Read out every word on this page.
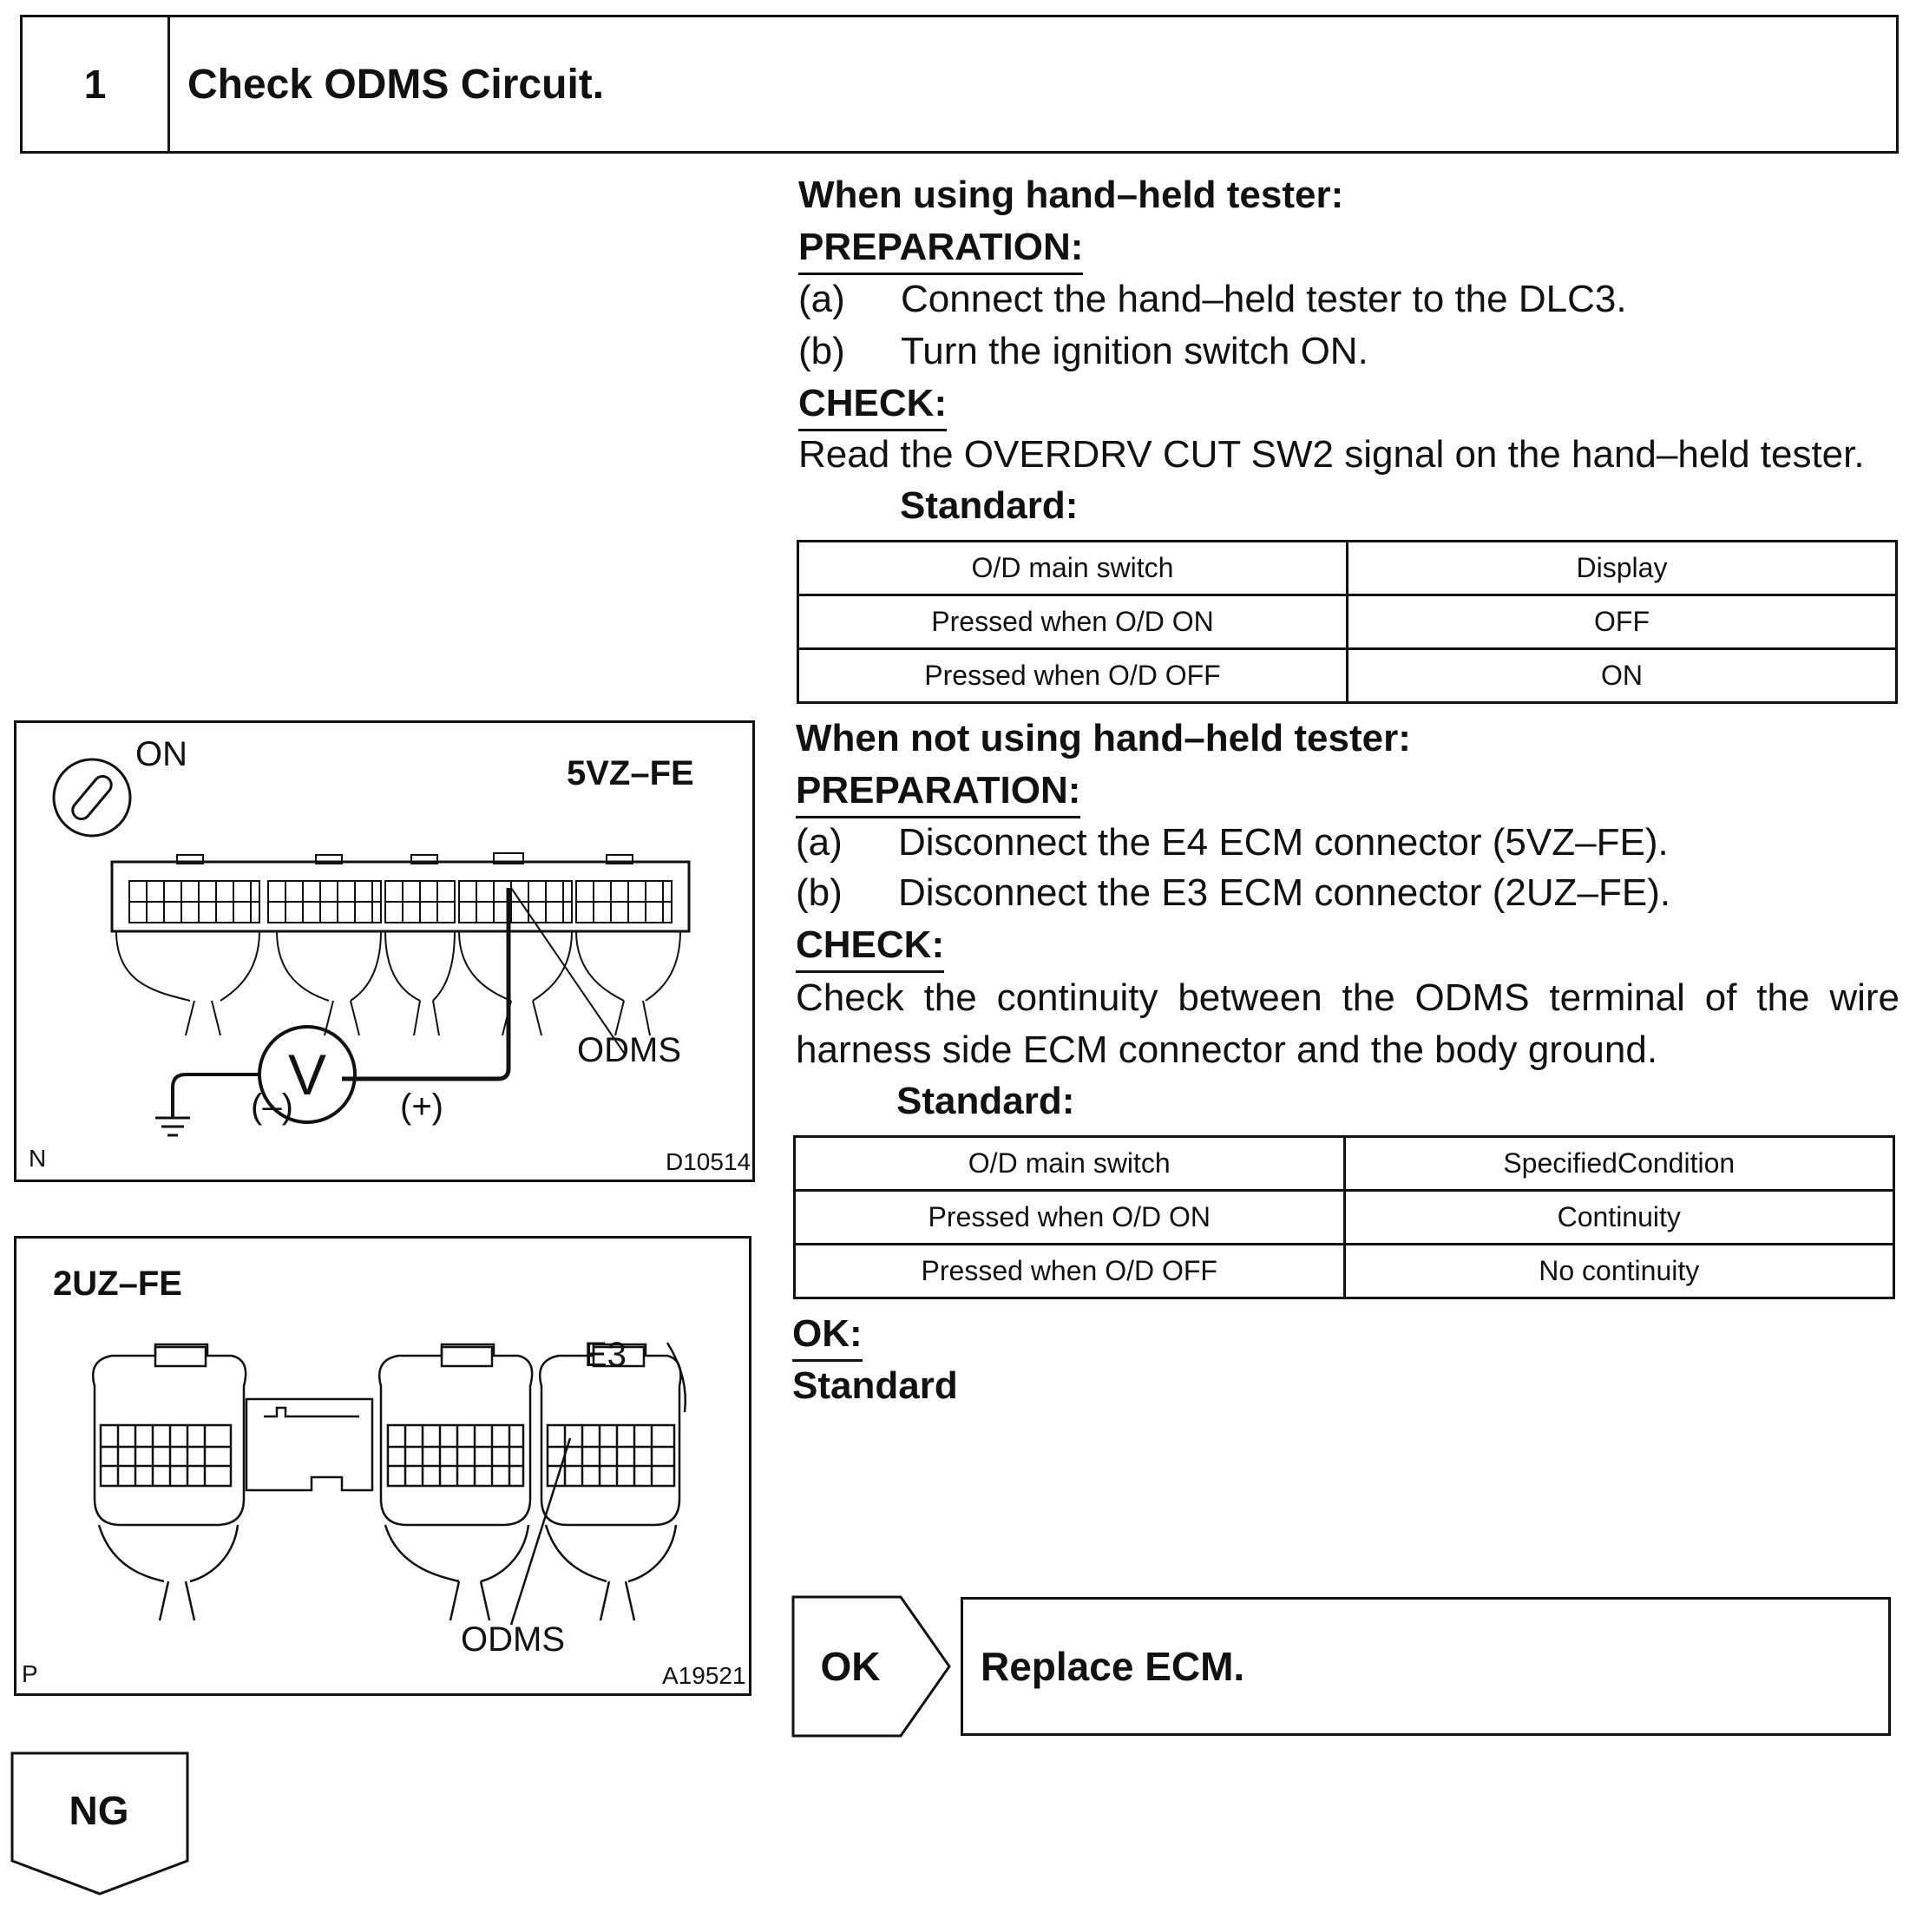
1	Check ODMS Circuit.
When using hand–held tester:
PREPARATION:
(a)	Connect the hand–held tester to the DLC3.
(b)	Turn the ignition switch ON.
CHECK:
Read the OVERDRV CUT SW2 signal on the hand–held tester.
Standard:
O/D main switch	Display
Pressed when O/D ON	OFF
Pressed when O/D OFF	ON
When not using hand–held tester:
PREPARATION:
(a)	Disconnect the E4 ECM connector (5VZ–FE).
(b)	Disconnect the E3 ECM connector (2UZ–FE).
CHECK:
Check the continuity between the ODMS terminal of the wire harness side ECM connector and the body ground.
Standard:
O/D main switch	SpecifiedCondition
Pressed when O/D ON	Continuity
Pressed when O/D OFF	No continuity
OK:
Standard
OK	Replace ECM.
NG
ON	5VZ–FE
ODMS
V
(–)	(+)
N	D10514
2UZ–FE
E3
ODMS
P	A19521
